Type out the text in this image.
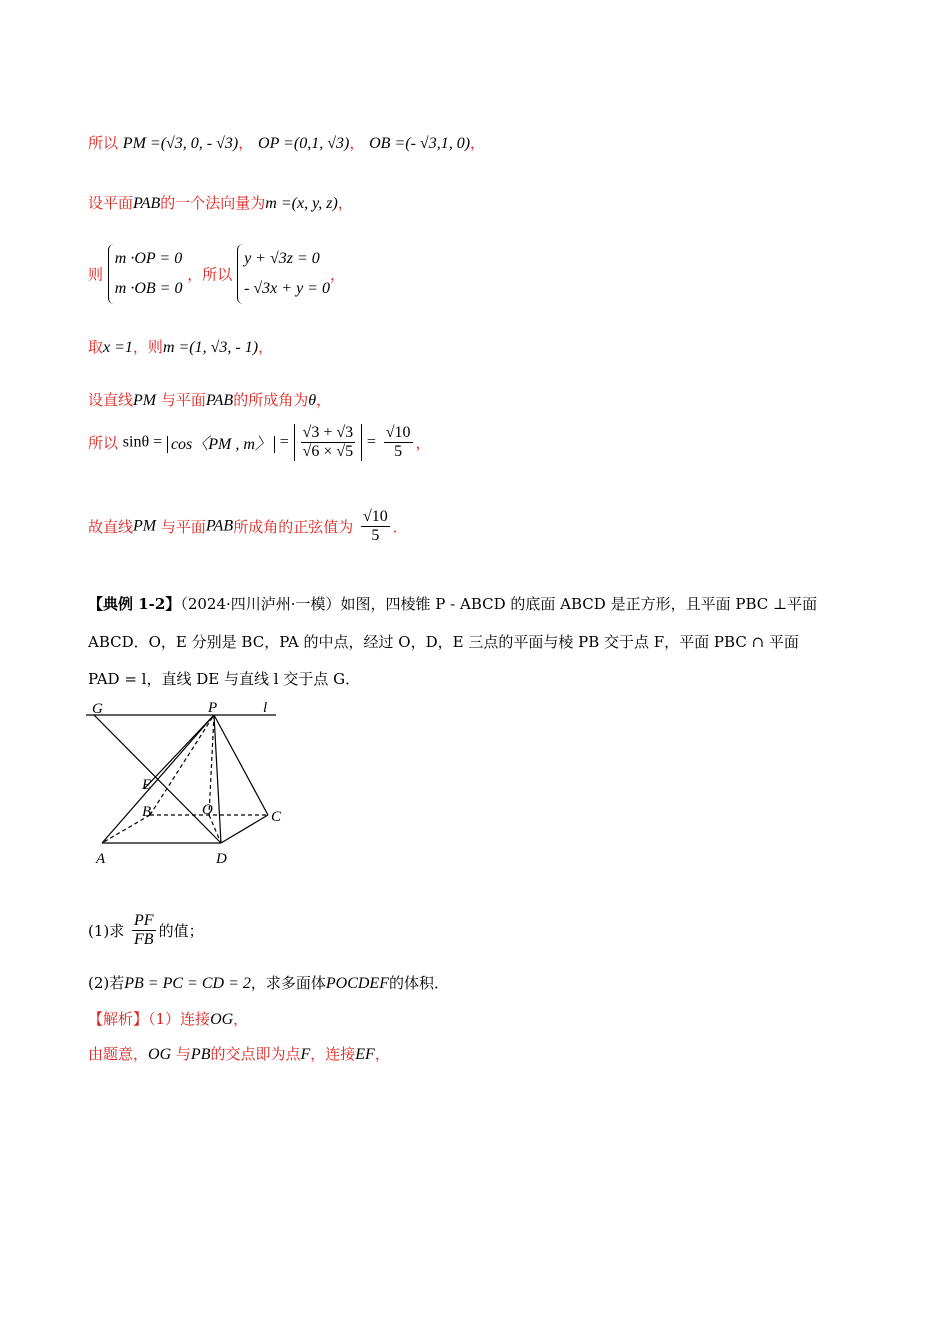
所以 PM =(√3, 0, - √3)， OP =(0,1, √3)， OB =(- √3,1, 0)，
设平面PAB的一个法向量为m =(x, y, z)，
则
m ·OP = 0
m ·OB = 0
，所以
y + √3z = 0
- √3x + y = 0
，
取x =1，则m =(1, √3, - 1)，
设直线PM 与平面PAB的所成角为θ，
所以 sinθ = cos〈PM , m〉 = $\frac{√3 + √3}{√6 \times √5} = \frac{√10}{5}$ ，
故直线PM 与平面PAB所成角的正弦值为 $\frac{√10}{5}$ ．
【典例 1-2】（2024·四川泸州·一模）如图，四棱锥 P - ABCD 的底面 ABCD 是正方形，且平面 PBC ⊥平面
ABCD．O，E 分别是 BC，PA 的中点，经过 O，D，E 三点的平面与棱 PB 交于点 F，平面 PBC ∩ 平面
PAD = l，直线 DE 与直线 l 交于点 G．
G	P	l
E
B	O	C
A	D
(1)求 $\frac{PF}{FB}$ 的值；
(2)若PB = PC = CD = 2，求多面体POCDEF的体积．
【解析】（1）连接OG，
由题意，OG 与PB的交点即为点F，连接EF，
